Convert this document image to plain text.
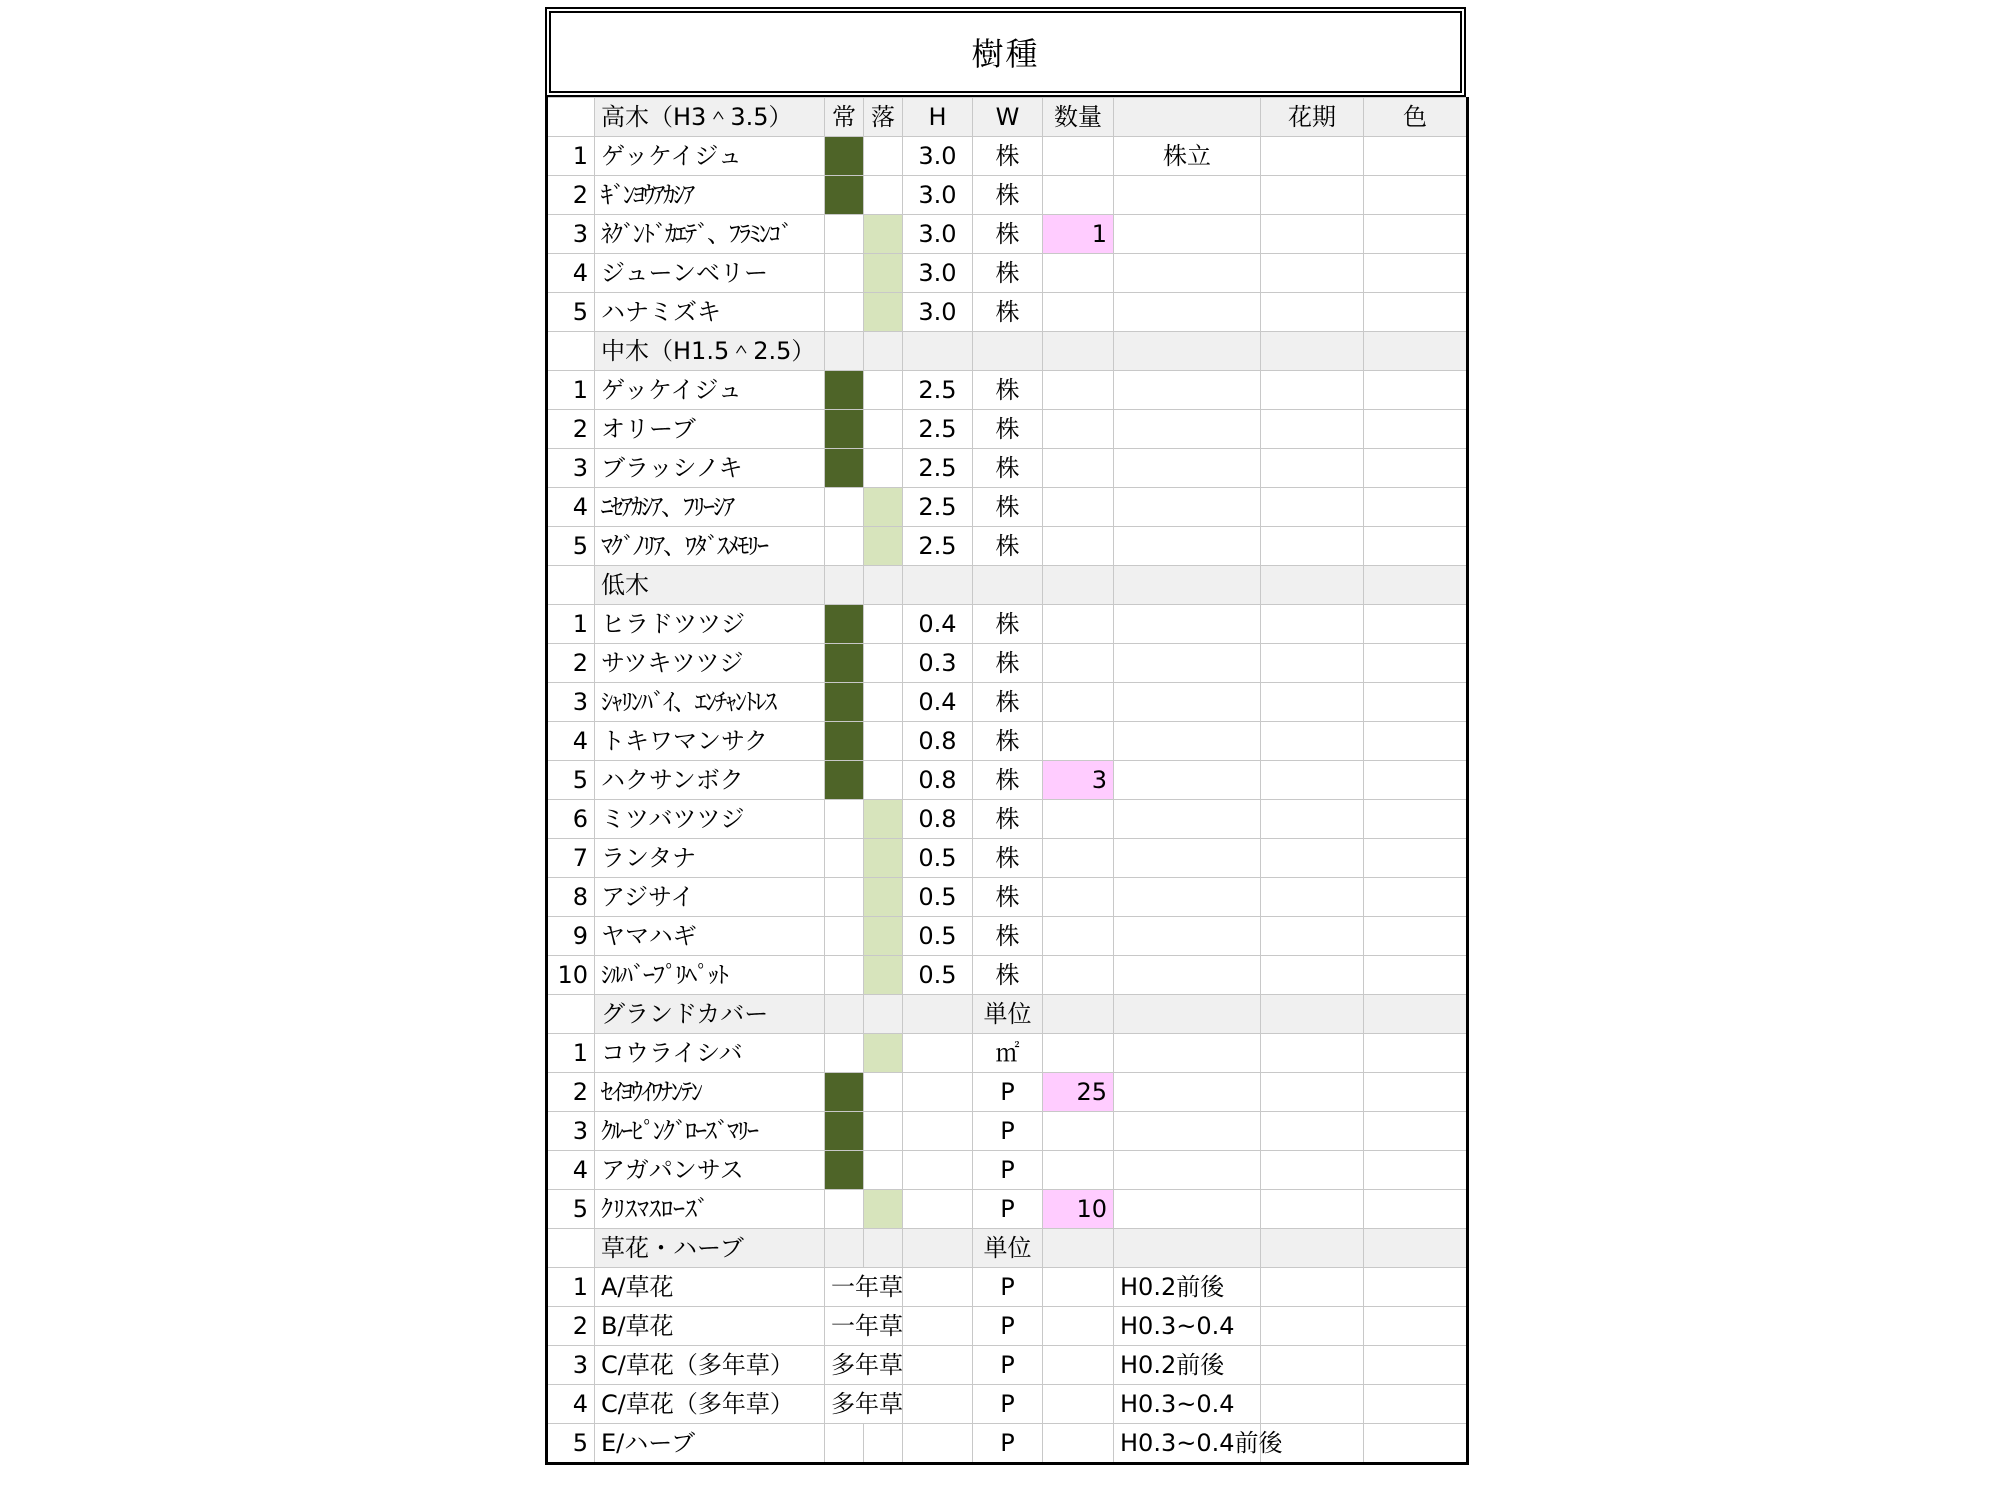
樹種
	高木（H3＾3.5）	常	落	H	W	数量		花期	色
1	ゲッケイジュ			3.0	株		株立		
2	ｷﾞﾝﾖｳｱｶｼｱ			3.0	株				
3	ﾈｸﾞﾝﾄﾞｶｴﾃﾞ、ﾌﾗﾐﾝｺﾞ			3.0	株	1			
4	ジューンベリー			3.0	株				
5	ハナミズキ			3.0	株				
	中木（H1.5＾2.5）								
1	ゲッケイジュ			2.5	株				
2	オリーブ			2.5	株				
3	ブラッシノキ			2.5	株				
4	ﾆｾｱｶｼｱ、ﾌﾘｰｼｱ			2.5	株				
5	ﾏｸﾞﾉﾘｱ、ﾜﾀﾞｽﾒﾓﾘｰ			2.5	株				
	低木								
1	ヒラドツツジ			0.4	株				
2	サツキツツジ			0.3	株				
3	ｼｬﾘﾝﾊﾞｲ、ｴﾝﾁｬﾝﾄﾚｽ			0.4	株				
4	トキワマンサク			0.8	株				
5	ハクサンボク			0.8	株	3			
6	ミツバツツジ			0.8	株				
7	ランタナ			0.5	株				
8	アジサイ			0.5	株				
9	ヤマハギ			0.5	株				
10	ｼﾙﾊﾞｰﾌﾟﾘﾍﾟｯﾄ			0.5	株				
	グランドカバー				単位				
1	コウライシバ				㎡				
2	ｾｲﾖｳｲﾜﾅﾝﾃﾝ				P	25			
3	ｸﾙｰﾋﾟﾝｸﾞﾛｰｽﾞﾏﾘｰ				P				
4	アガパンサス				P				
5	ｸﾘｽﾏｽﾛｰｽﾞ				P	10			
	草花・ハーブ				単位				
1	A/草花	一年草			P		H0.2前後		
2	B/草花	一年草			P		H0.3~0.4		
3	C/草花（多年草）	多年草			P		H0.2前後		
4	C/草花（多年草）	多年草			P		H0.3~0.4		
5	E/ハーブ				P		H0.3~0.4前後		
